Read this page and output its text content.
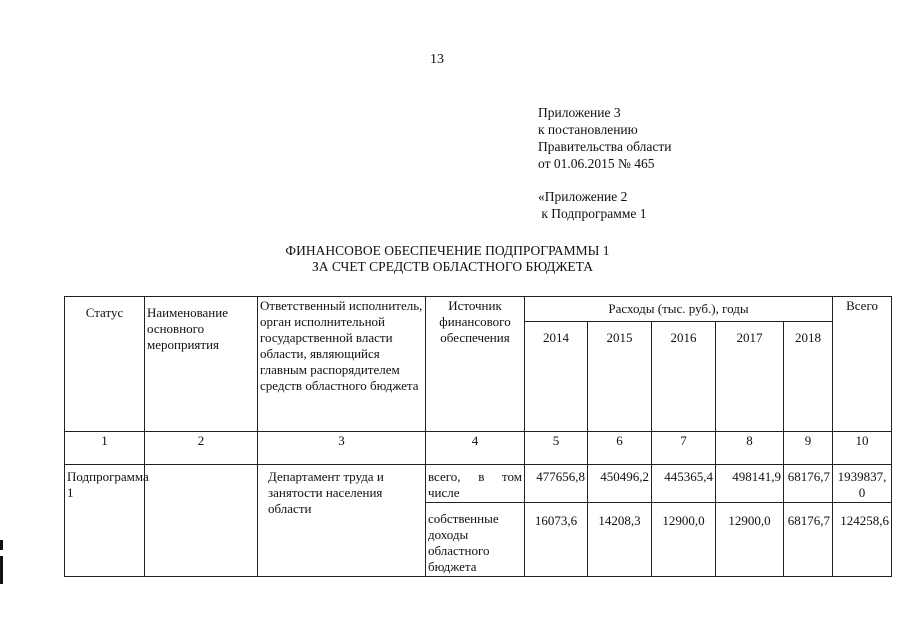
13
Приложение 3
к постановлению
Правительства области
от 01.06.2015 № 465
«Приложение 2
к Подпрограмме 1
ФИНАНСОВОЕ ОБЕСПЕЧЕНИЕ ПОДПРОГРАММЫ 1
ЗА СЧЕТ СРЕДСТВ ОБЛАСТНОГО БЮДЖЕТА
Статус	Наименование основного мероприятия	Ответственный исполнитель, орган исполнительной государственной власти области, являющийся главным распорядителем средств областного бюджета	Источник финансового обеспечения	Расходы (тыс. руб.), годы					Всего
				2014	2015	2016	2017	2018	
1	2	3	4	5	6	7	8	9	10
Подпрограмма 1		Департамент труда и занятости населения области	всего, в том числе	477656,8	450496,2	445365,4	498141,9	68176,7	1939837,0
			собственные доходы областного бюджета	16073,6	14208,3	12900,0	12900,0	68176,7	124258,6
